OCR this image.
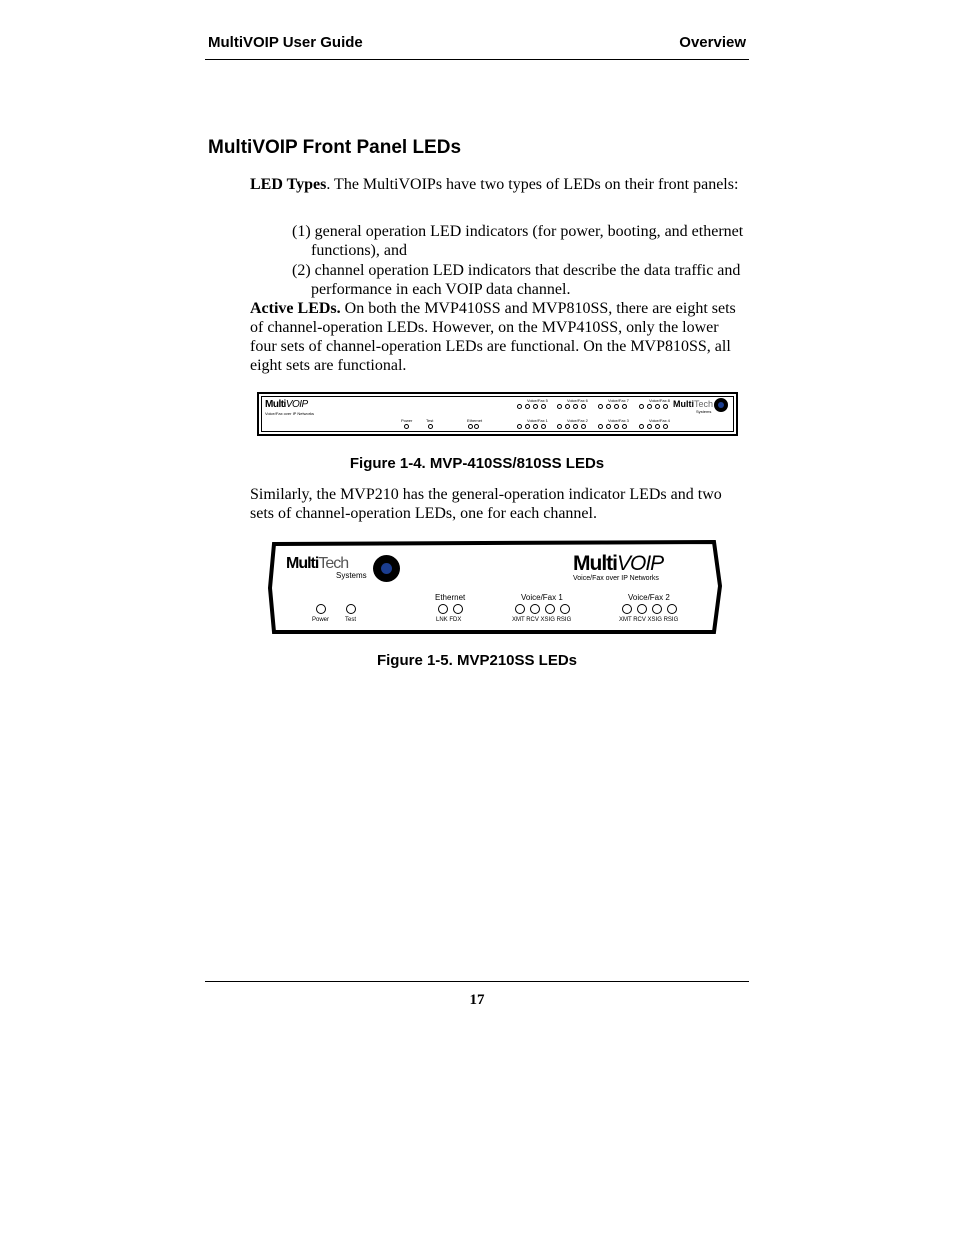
MultiVOIP User Guide	Overview
MultiVOIP Front Panel LEDs
LED Types. The MultiVOIPs have two types of LEDs on their front panels:
(1) general operation LED indicators (for power, booting, and ethernet functions), and
(2) channel operation LED indicators that describe the data traffic and performance in each VOIP data channel.
Active LEDs. On both the MVP410SS and MVP810SS, there are eight sets of channel-operation LEDs. However, on the MVP410SS, only the lower four sets of channel-operation LEDs are functional. On the MVP810SS, all eight sets are functional.
MultiVOIP
Voice/Fax over IP Networks
Power	Test	Ethernet
Voice/Fax 5	Voice/Fax 6	Voice/Fax 7	Voice/Fax 8
Voice/Fax 1	Voice/Fax 2	Voice/Fax 3	Voice/Fax 4
MultiTech
Systems
Figure 1-4. MVP-410SS/810SS LEDs
Similarly, the MVP210 has the general-operation indicator LEDs and two sets of channel-operation LEDs, one for each channel.
MultiTech
Systems
MultiVOIP
Voice/Fax over IP Networks
Power	Test
Ethernet
LNK FDX
Voice/Fax 1
XMT RCV XSIG RSIG
Voice/Fax 2
XMT RCV XSIG RSIG
Figure 1-5. MVP210SS LEDs
17
